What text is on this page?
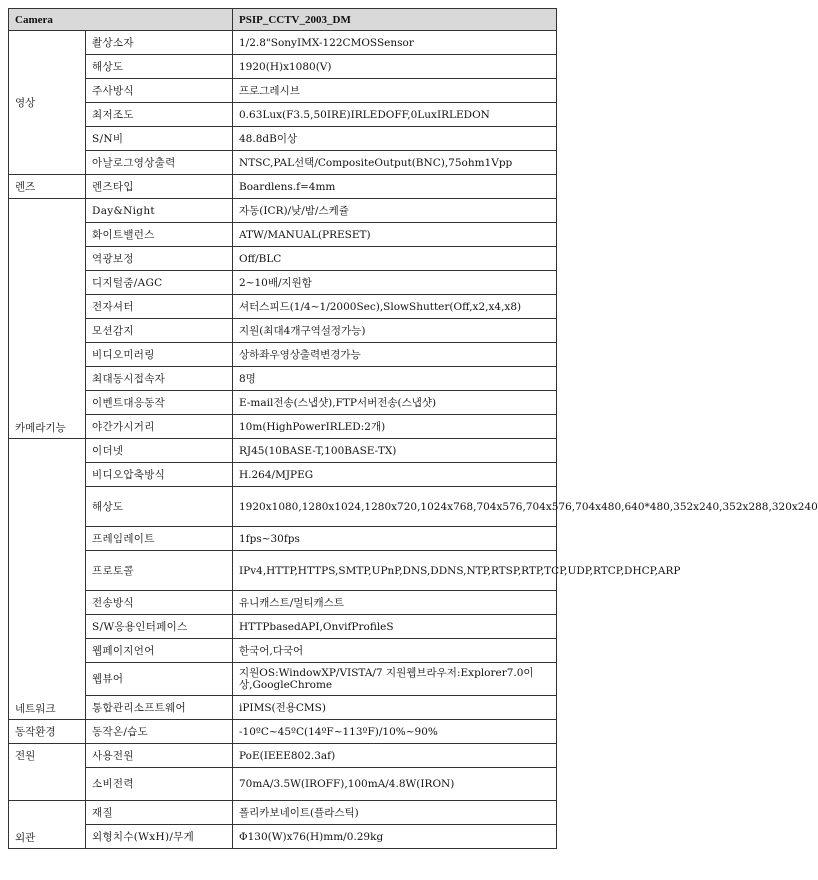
Camera		PSIP_CCTV_2003_DM
영상	촬상소자	1/2.8"SonyIMX-122CMOSSensor
	해상도	1920(H)x1080(V)
	주사방식	프로그레시브
	최저조도	0.63Lux(F3.5,50IRE)IRLEDOFF,0LuxIRLEDON
	S/N비	48.8dB이상
	아날로그영상출력	NTSC,PAL선택/CompositeOutput(BNC),75ohm1Vpp
렌즈	렌즈타입	Boardlens.f=4mm
카메라기능	Day&Night	자동(ICR)/낮/밤/스케쥴
	화이트밸런스	ATW/MANUAL(PRESET)
	역광보정	Off/BLC
	디지털줌/AGC	2~10배/지원함
	전자셔터	셔터스피드(1/4~1/2000Sec),SlowShutter(Off,x2,x4,x8)
	모션감지	지원(최대4개구역설정가능)
	비디오미러링	상하좌우영상출력변경가능
	최대동시접속자	8명
	이벤트대응동작	E-mail전송(스냅샷),FTP서버전송(스냅샷)
	야간가시거리	10m(HighPowerIRLED:2개)
네트워크	이더넷	RJ45(10BASE-T,100BASE-TX)
	비디오압축방식	H.264/MJPEG
	해상도	1920x1080,1280x1024,1280x720,1024x768,704x576,704x576,704x480,640*480,352x240,352x288,320x240
	프레임레이트	1fps~30fps
	프로토콜	IPv4,HTTP,HTTPS,SMTP,UPnP,DNS,DDNS,NTP,RTSP,RTP,TCP,UDP,RTCP,DHCP,ARP
	전송방식	유니캐스트/멀티캐스트
	S/W응용인터페이스	HTTPbasedAPI,OnvifProfileS
	웹페이지언어	한국어,다국어
	웹뷰어	지원OS:WindowXP/VISTA/7 지원웹브라우저:Explorer7.0이상,GoogleChrome
	통합관리소프트웨어	iPIMS(전용CMS)
동작환경	동작온/습도	-10ºC~45ºC(14ºF~113ºF)/10%~90%
전원	사용전원	PoE(IEEE802.3af)
	소비전력	70mA/3.5W(IROFF),100mA/4.8W(IRON)
외관	재질	폴리카보네이트(플라스틱)
	외형치수(WxH)/무게	Φ130(W)x76(H)mm/0.29kg
